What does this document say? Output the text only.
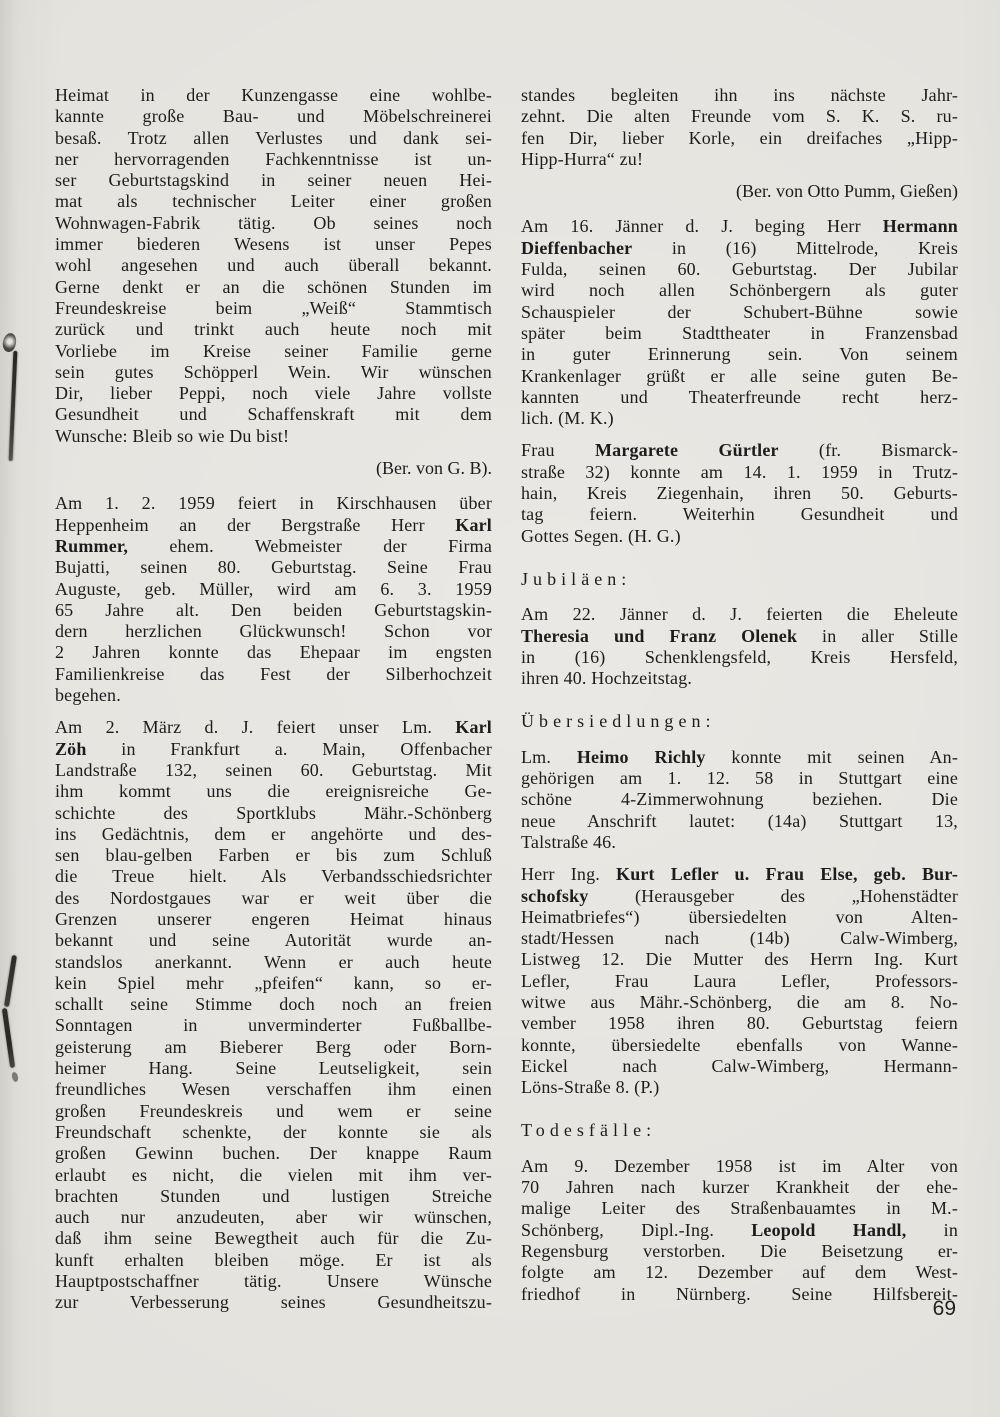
Heimat in der Kunzengasse eine wohlbe-
kannte große Bau- und Möbelschreinerei
besaß. Trotz allen Verlustes und dank sei-
ner hervorragenden Fachkenntnisse ist un-
ser Geburtstagskind in seiner neuen Hei-
mat als technischer Leiter einer großen
Wohnwagen-Fabrik tätig. Ob seines noch
immer biederen Wesens ist unser Pepes
wohl angesehen und auch überall bekannt.
Gerne denkt er an die schönen Stunden im
Freundeskreise beim „Weiß“ Stammtisch
zurück und trinkt auch heute noch mit
Vorliebe im Kreise seiner Familie gerne
sein gutes Schöpperl Wein. Wir wünschen
Dir, lieber Peppi, noch viele Jahre vollste
Gesundheit und Schaffenskraft mit dem
Wunsche: Bleib so wie Du bist!
(Ber. von G. B).
Am 1. 2. 1959 feiert in Kirschhausen über
Heppenheim an der Bergstraße Herr Karl
Rummer, ehem. Webmeister der Firma
Bujatti, seinen 80. Geburtstag. Seine Frau
Auguste, geb. Müller, wird am 6. 3. 1959
65 Jahre alt. Den beiden Geburtstagskin-
dern herzlichen Glückwunsch! Schon vor
2 Jahren konnte das Ehepaar im engsten
Familienkreise das Fest der Silberhochzeit
begehen.
Am 2. März d. J. feiert unser Lm. Karl
Zöh in Frankfurt a. Main, Offenbacher
Landstraße 132, seinen 60. Geburtstag. Mit
ihm kommt uns die ereignisreiche Ge-
schichte des Sportklubs Mähr.-Schönberg
ins Gedächtnis, dem er angehörte und des-
sen blau-gelben Farben er bis zum Schluß
die Treue hielt. Als Verbandsschiedsrichter
des Nordostgaues war er weit über die
Grenzen unserer engeren Heimat hinaus
bekannt und seine Autorität wurde an-
standslos anerkannt. Wenn er auch heute
kein Spiel mehr „pfeifen“ kann, so er-
schallt seine Stimme doch noch an freien
Sonntagen in unverminderter Fußballbe-
geisterung am Bieberer Berg oder Born-
heimer Hang. Seine Leutseligkeit, sein
freundliches Wesen verschaffen ihm einen
großen Freundeskreis und wem er seine
Freundschaft schenkte, der konnte sie als
großen Gewinn buchen. Der knappe Raum
erlaubt es nicht, die vielen mit ihm ver-
brachten Stunden und lustigen Streiche
auch nur anzudeuten, aber wir wünschen,
daß ihm seine Bewegtheit auch für die Zu-
kunft erhalten bleiben möge. Er ist als
Hauptpostschaffner tätig. Unsere Wünsche
zur Verbesserung seines Gesundheitszu-
standes begleiten ihn ins nächste Jahr-
zehnt. Die alten Freunde vom S. K. S. ru-
fen Dir, lieber Korle, ein dreifaches „Hipp-
Hipp-Hurra“ zu!
(Ber. von Otto Pumm, Gießen)
Am 16. Jänner d. J. beging Herr Hermann
Dieffenbacher in (16) Mittelrode, Kreis
Fulda, seinen 60. Geburtstag. Der Jubilar
wird noch allen Schönbergern als guter
Schauspieler der Schubert-Bühne sowie
später beim Stadttheater in Franzensbad
in guter Erinnerung sein. Von seinem
Krankenlager grüßt er alle seine guten Be-
kannten und Theaterfreunde recht herz-
lich. (M. K.)
Frau Margarete Gürtler (fr. Bismarck-
straße 32) konnte am 14. 1. 1959 in Trutz-
hain, Kreis Ziegenhain, ihren 50. Geburts-
tag feiern. Weiterhin Gesundheit und
Gottes Segen. (H. G.)
Jubiläen:
Am 22. Jänner d. J. feierten die Eheleute
Theresia und Franz Olenek in aller Stille
in (16) Schenklengsfeld, Kreis Hersfeld,
ihren 40. Hochzeitstag.
Übersiedlungen:
Lm. Heimo Richly konnte mit seinen An-
gehörigen am 1. 12. 58 in Stuttgart eine
schöne 4-Zimmerwohnung beziehen. Die
neue Anschrift lautet: (14a) Stuttgart 13,
Talstraße 46.
Herr Ing. Kurt Lefler u. Frau Else, geb. Bur-
schofsky (Herausgeber des „Hohenstädter
Heimatbriefes“) übersiedelten von Alten-
stadt/Hessen nach (14b) Calw-Wimberg,
Listweg 12. Die Mutter des Herrn Ing. Kurt
Lefler, Frau Laura Lefler, Professors-
witwe aus Mähr.-Schönberg, die am 8. No-
vember 1958 ihren 80. Geburtstag feiern
konnte, übersiedelte ebenfalls von Wanne-
Eickel nach Calw-Wimberg, Hermann-
Löns-Straße 8. (P.)
Todesfälle:
Am 9. Dezember 1958 ist im Alter von
70 Jahren nach kurzer Krankheit der ehe-
malige Leiter des Straßenbauamtes in M.-
Schönberg, Dipl.-Ing. Leopold Handl, in
Regensburg verstorben. Die Beisetzung er-
folgte am 12. Dezember auf dem West-
friedhof in Nürnberg. Seine Hilfsbereit-
69
